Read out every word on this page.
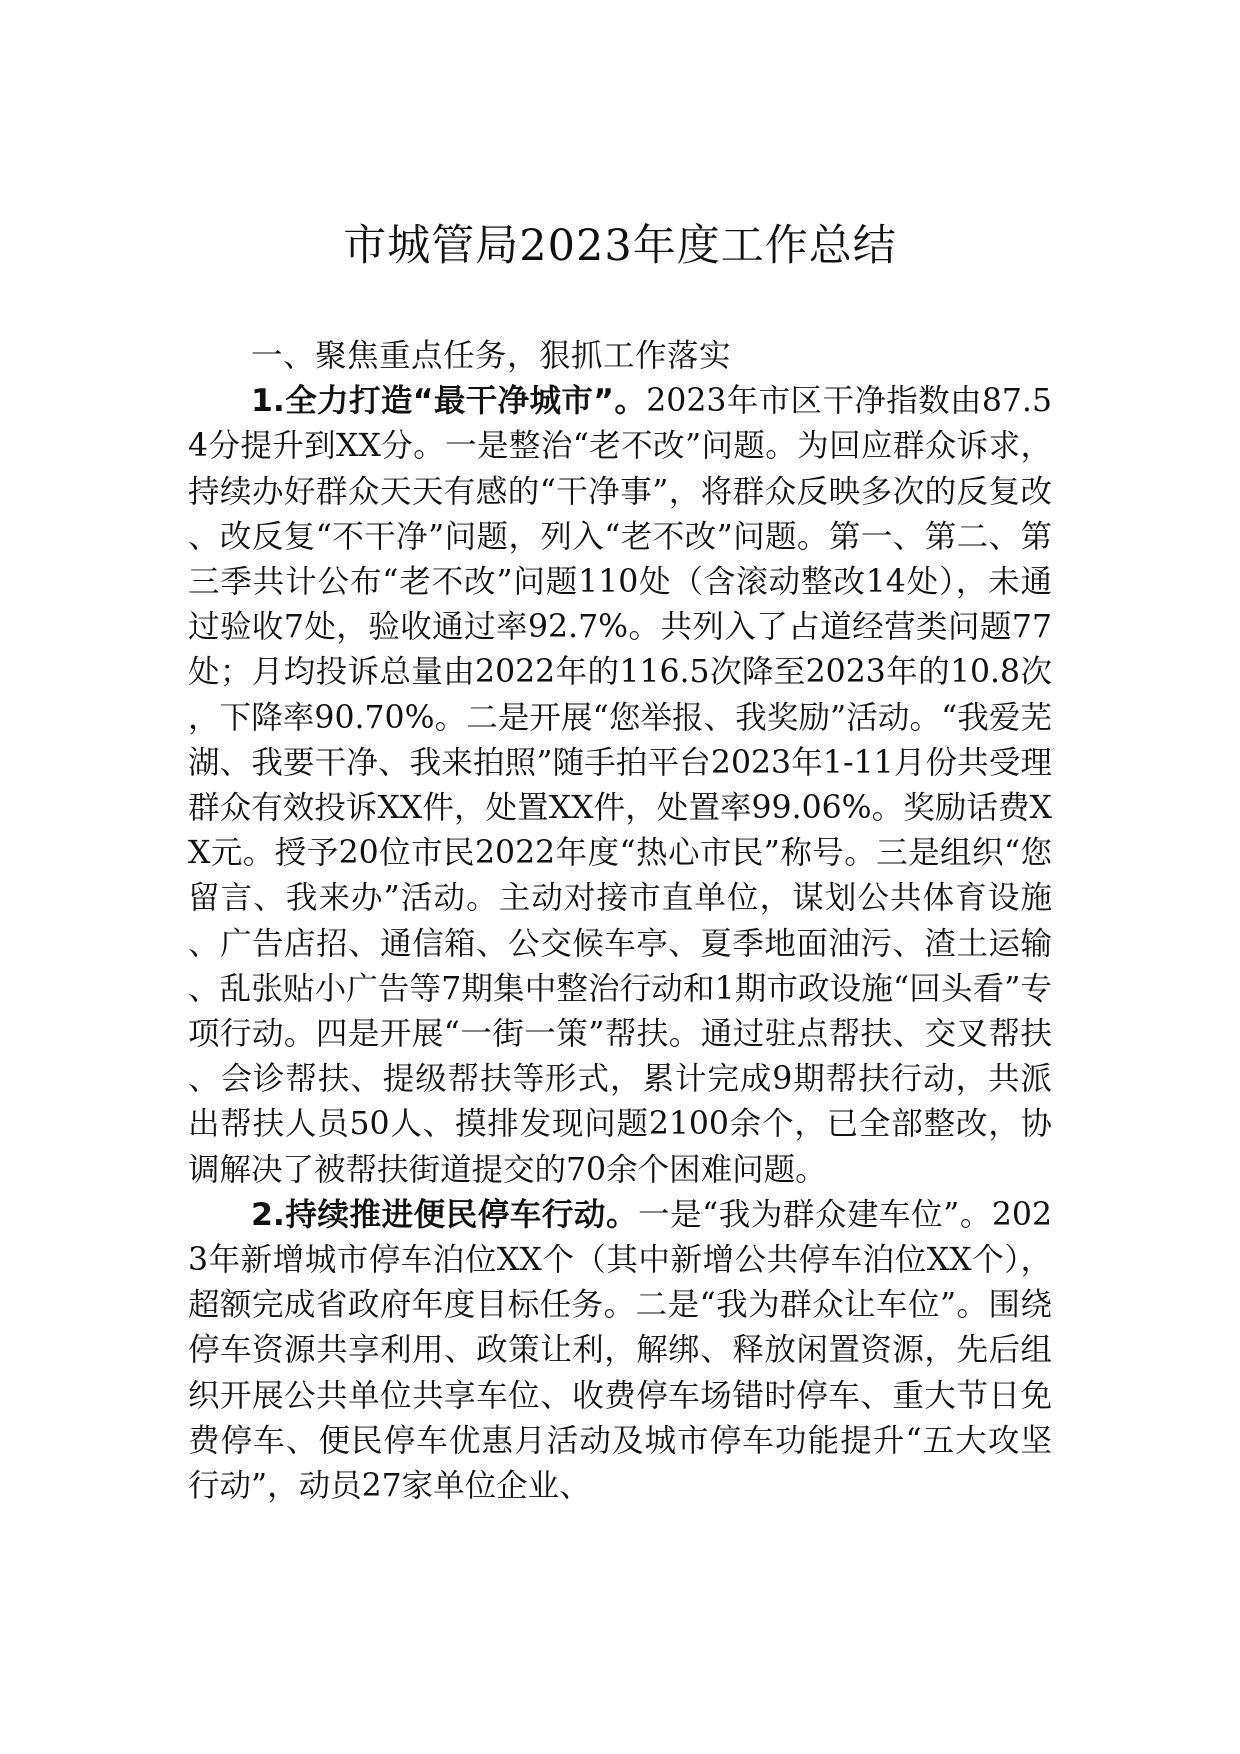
市城管局2023年度工作总结

一、聚焦重点任务，狠抓工作落实

1.全力打造“最干净城市”。2023年市区干净指数由87.54分提升到XX分。一是整治“老不改”问题。为回应群众诉求，持续办好群众天天有感的“干净事”，将群众反映多次的反复改、改反复“不干净”问题，列入“老不改”问题。第一、第二、第三季共计公布“老不改”问题110处（含滚动整改14处），未通过验收7处，验收通过率92.7%。共列入了占道经营类问题77处；月均投诉总量由2022年的116.5次降至2023年的10.8次，下降率90.70%。二是开展“您举报、我奖励”活动。“我爱芜湖、我要干净、我来拍照”随手拍平台2023年1-11月份共受理群众有效投诉XX件，处置XX件，处置率99.06%。奖励话费XX元。授予20位市民2022年度“热心市民”称号。三是组织“您留言、我来办”活动。主动对接市直单位，谋划公共体育设施、广告店招、通信箱、公交候车亭、夏季地面油污、渣土运输、乱张贴小广告等7期集中整治行动和1期市政设施“回头看”专项行动。四是开展“一街一策”帮扶。通过驻点帮扶、交叉帮扶、会诊帮扶、提级帮扶等形式，累计完成9期帮扶行动，共派出帮扶人员50人、摸排发现问题2100余个，已全部整改，协调解决了被帮扶街道提交的70余个困难问题。

2.持续推进便民停车行动。一是“我为群众建车位”。2023年新增城市停车泊位XX个（其中新增公共停车泊位XX个），超额完成省政府年度目标任务。二是“我为群众让车位”。围绕停车资源共享利用、政策让利，解绑、释放闲置资源，先后组织开展公共单位共享车位、收费停车场错时停车、重大节日免费停车、便民停车优惠月活动及城市停车功能提升“五大攻坚行动”，动员27家单位企业、
